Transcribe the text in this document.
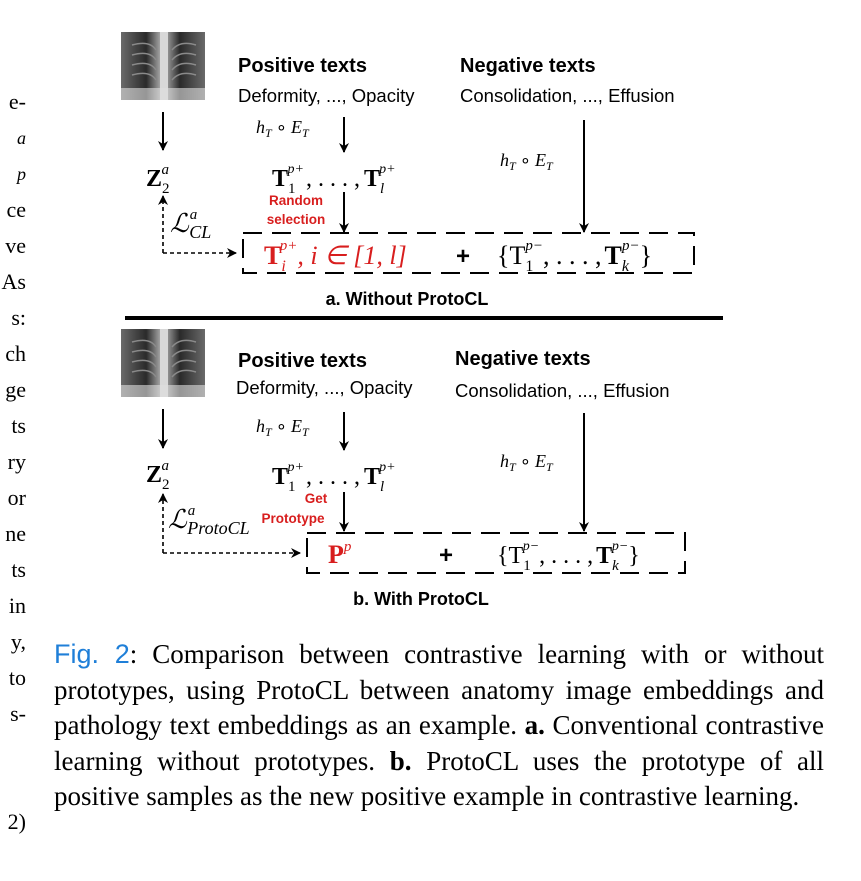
e-
a
p
ce
ve
As
s:
ch
ge
ts
ry
or
ne
ts
in
y,
to
s-
2)
Positive texts
Deformity, ..., Opacity
Negative texts
Consolidation, ..., Effusion
$h_T$ ∘ $E_T$
$h_T$ ∘ $E_T$
$Z_2a$	$T_1p+$, . . . , $T_lp+$
Random
selection
ℒ$^a$ CL
$T_ip+$, i ∈ [1, $l] + \{T_1p-$, . . . , $T_kp-$}
a. Without ProtoCL
Positive texts
Deformity, ..., Opacity
Negative texts
Consolidation, ..., Effusion
$h_T$ ∘ $E_T$
$h_T$ ∘ $E_T$
$Z_2a$	$T_1p+$, . . . , $T_lp+$
Get
Prototype
ℒ$^a$ ProtoCL
$P^p$	+ {$T_1p-$, . . . , $T_kp-$}
b. With ProtoCL

Fig. 2: Comparison between contrastive learning with or without prototypes, using ProtoCL between anatomy image embeddings and pathology text embeddings as an example. a. Conventional contrastive learning without prototypes. b. ProtoCL uses the prototype of all positive samples as the new positive example in contrastive learning.
